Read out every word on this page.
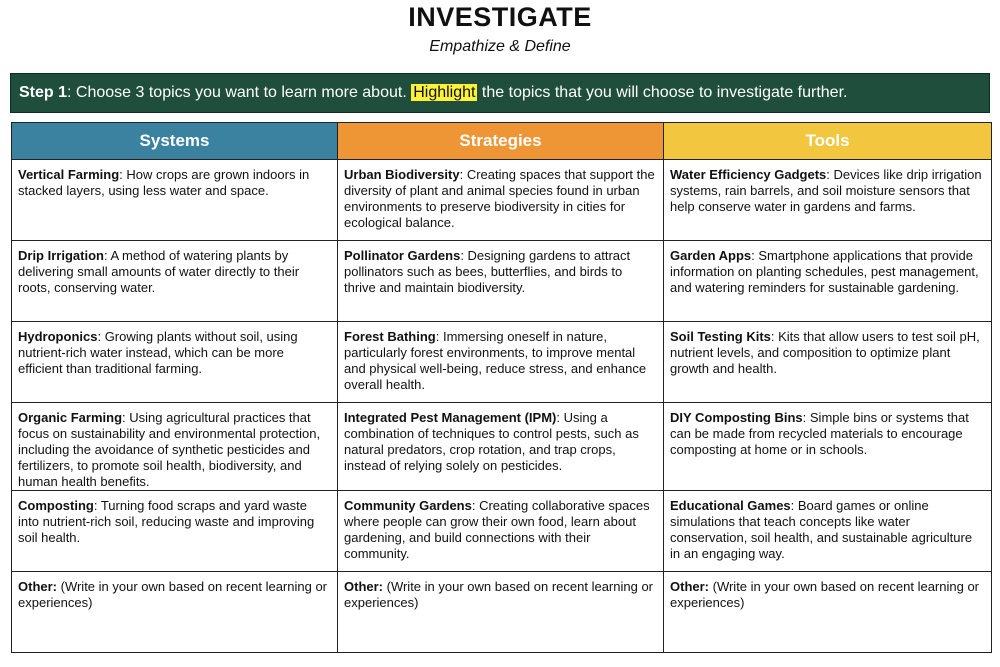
INVESTIGATE
Empathize & Define
Step 1: Choose 3 topics you want to learn more about. Highlight the topics that you will choose to investigate further.
Systems	Strategies	Tools
Vertical Farming: How crops are grown indoors in stacked layers, using less water and space.	Urban Biodiversity: Creating spaces that support the diversity of plant and animal species found in urban environments to preserve biodiversity in cities for ecological balance.	Water Efficiency Gadgets: Devices like drip irrigation systems, rain barrels, and soil moisture sensors that help conserve water in gardens and farms.
Drip Irrigation: A method of watering plants by delivering small amounts of water directly to their roots, conserving water.	Pollinator Gardens: Designing gardens to attract pollinators such as bees, butterflies, and birds to thrive and maintain biodiversity.	Garden Apps: Smartphone applications that provide information on planting schedules, pest management, and watering reminders for sustainable gardening.
Hydroponics: Growing plants without soil, using nutrient-rich water instead, which can be more efficient than traditional farming.	Forest Bathing: Immersing oneself in nature, particularly forest environments, to improve mental and physical well-being, reduce stress, and enhance overall health.	Soil Testing Kits: Kits that allow users to test soil pH, nutrient levels, and composition to optimize plant growth and health.
Organic Farming: Using agricultural practices that focus on sustainability and environmental protection, including the avoidance of synthetic pesticides and fertilizers, to promote soil health, biodiversity, and human health benefits.	Integrated Pest Management (IPM): Using a combination of techniques to control pests, such as natural predators, crop rotation, and trap crops, instead of relying solely on pesticides.	DIY Composting Bins: Simple bins or systems that can be made from recycled materials to encourage composting at home or in schools.
Composting: Turning food scraps and yard waste into nutrient-rich soil, reducing waste and improving soil health.	Community Gardens: Creating collaborative spaces where people can grow their own food, learn about gardening, and build connections with their community.	Educational Games: Board games or online simulations that teach concepts like water conservation, soil health, and sustainable agriculture in an engaging way.
Other: (Write in your own based on recent learning or experiences)	Other: (Write in your own based on recent learning or experiences)	Other: (Write in your own based on recent learning or experiences)
